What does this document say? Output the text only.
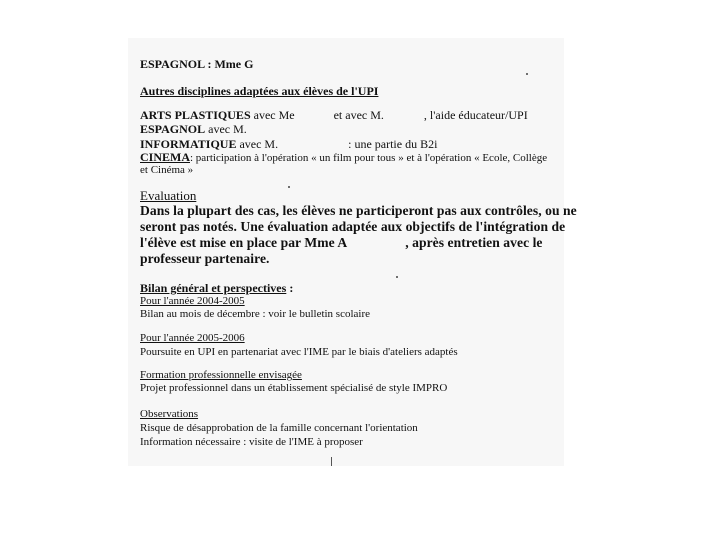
ESPAGNOL : Mme G
Autres disciplines adaptées aux élèves de l'UPI
ARTS PLASTIQUES avec Me	et avec M.	, l'aide éducateur/UPI
ESPAGNOL avec M.
INFORMATIQUE avec M.	: une partie du B2i
CINEMA: participation à l'opération « un film pour tous » et à l'opération « Ecole, Collège
et Cinéma »
Evaluation
Dans la plupart des cas, les élèves ne participeront pas aux contrôles, ou ne
seront pas notés. Une évaluation adaptée aux objectifs de l'intégration de
l'élève est mise en place par Mme A	, après entretien avec le
professeur partenaire.
Bilan général et perspectives :
Pour l'année 2004-2005
Bilan au mois de décembre : voir le bulletin scolaire
Pour l'année 2005-2006
Poursuite en UPI en partenariat avec l'IME par le biais d'ateliers adaptés
Formation professionnelle envisagée
Projet professionnel dans un établissement spécialisé de style IMPRO
Observations
Risque de désapprobation de la famille concernant l'orientation
Information nécessaire : visite de l'IME à proposer
